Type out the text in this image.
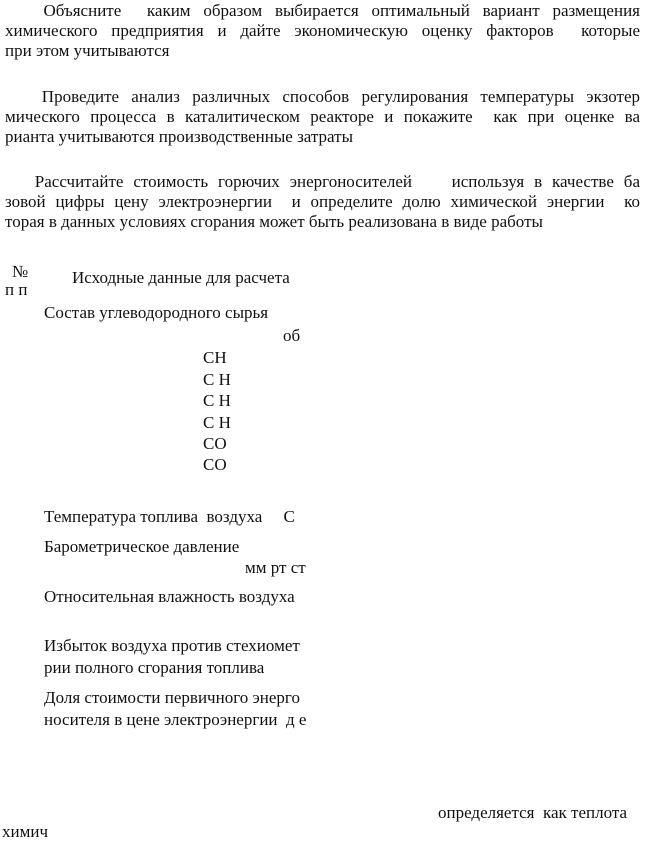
Объясните  каким образом выбирается оптимальный вариант размещения
химического предприятия и дайте экономическую оценку факторов  которые
при этом учитываются
Проведите анализ различных способов регулирования температуры экзотер
мического процесса в каталитическом реакторе и покажите  как при оценке ва
рианта учитываются производственные затраты
Рассчитайте стоимость горючих энергоносителей    используя в качестве ба
зовой цифры цену электроэнергии  и определите долю химической энергии  ко
торая в данных условиях сгорания может быть реализована в виде работы
№
п п
Исходные данные для расчета
Состав углеводородного сырья
об
СН
С Н
С Н
С Н
СО
СО
Температура топлива  воздуха     С
Барометрическое давление
мм рт ст
Относительная влажность воздуха
Избыток воздуха против стехиомет
рии полного сгорания топлива
Доля стоимости первичного энерго
носителя в цене электроэнергии  д е
определяется  как теплота
химич
